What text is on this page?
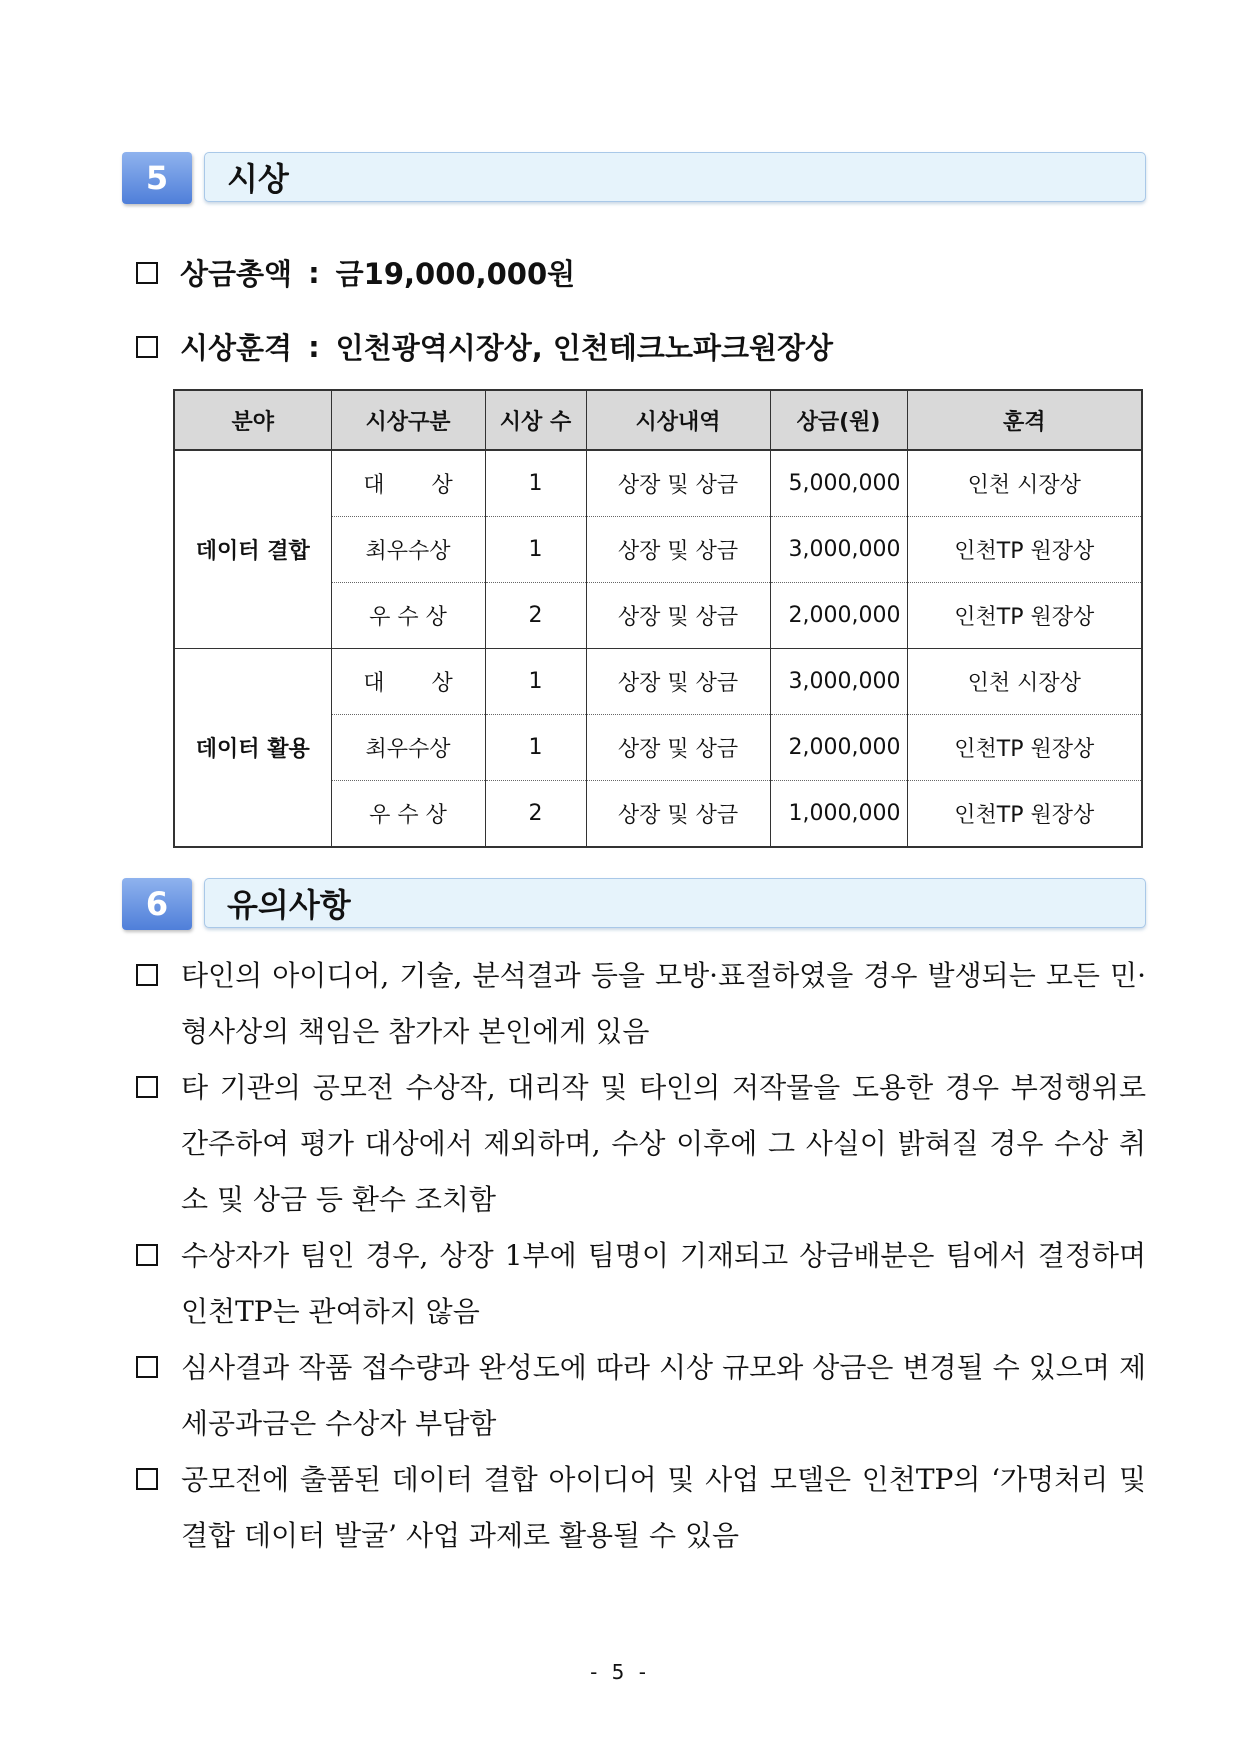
5	시상
상금총액 : 금19,000,000원
시상훈격 : 인천광역시장상, 인천테크노파크원장상
분야	시상구분	시상 수	시상내역	상금(원)	훈격
데이터 결합	대 상	1	상장 및 상금	5,000,000	인천 시장상
	최우수상	1	상장 및 상금	3,000,000	인천TP 원장상
	우 수 상	2	상장 및 상금	2,000,000	인천TP 원장상
데이터 활용	대 상	1	상장 및 상금	3,000,000	인천 시장상
	최우수상	1	상장 및 상금	2,000,000	인천TP 원장상
	우 수 상	2	상장 및 상금	1,000,000	인천TP 원장상
6	유의사항
타인의 아이디어, 기술, 분석결과 등을 모방·표절하였을 경우 발생되는 모든 민·형사상의 책임은 참가자 본인에게 있음
타 기관의 공모전 수상작, 대리작 및 타인의 저작물을 도용한 경우 부정행위로 간주하여 평가 대상에서 제외하며, 수상 이후에 그 사실이 밝혀질 경우 수상 취소 및 상금 등 환수 조치함
수상자가 팀인 경우, 상장 1부에 팀명이 기재되고 상금배분은 팀에서 결정하며 인천TP는 관여하지 않음
심사결과 작품 접수량과 완성도에 따라 시상 규모와 상금은 변경될 수 있으며 제세공과금은 수상자 부담함
공모전에 출품된 데이터 결합 아이디어 및 사업 모델은 인천TP의 ‘가명처리 및 결합 데이터 발굴’ 사업 과제로 활용될 수 있음
- 5 -
